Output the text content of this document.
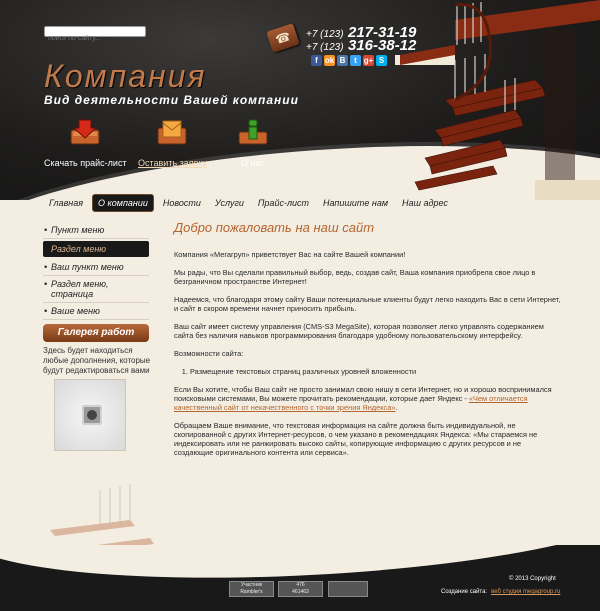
поиск по сайту...
☎	+7 (123) 217-31-19
+7 (123) 316-38-12
f ok B	t g+ S
Компания
Вид деятельности Вашей компании
Скачать прайс-лист Оставить заявку	О нас
Главная	О компании	Новости	Услуги	Прайс-лист	Напишите нам	Наш адрес
• Пункт меню
Раздел меню
• Ваш пункт меню
• Раздел меню, страница
• Ваше меню
Галерея работ
Здесь будет находиться любые дополнения, которые будут редактироваться вами
Добро пожаловать на наш сайт

Компания «Мегагруп» приветствует Вас на сайте Вашей компании!

Мы рады, что Вы сделали правильный выбор, ведь, создав сайт, Ваша компания приобрела свое лицо в безграничном пространстве Интернет!

Надеемся, что благодаря этому сайту Ваши потенциальные клиенты будут легко находить Вас в сети Интернет, и сайт в скором времени начнет приносить прибыль.

Ваш сайт имеет систему управления (CMS-S3 MegaSite), которая позволяет легко управлять содержанием сайта без наличия навыков программирования благодаря удобному пользовательскому интерфейсу.

Возможности сайта:

1. Размещение текстовых страниц различных уровней вложенности

Если Вы хотите, чтобы Ваш сайт не просто занимал свою нишу в сети Интернет, но и хорошо воспринимался поисковыми системами, Вы можете прочитать рекомендации, которые дает Яндекс - «Чем отличается качественный сайт от некачественного с точки зрения Яндекса».

Обращаем Ваше внимание, что текстовая информация на сайте должна быть индивидуальной, не скопированной с других Интернет-ресурсов, о чем указано в рекомендациях Яндекса: «Мы стараемся не индексировать или не ранжировать высоко сайты, копирующие информацию с других ресурсов и не создающие оригинального контента или сервиса».

Участник
Rambler's
476
461463
© 2013 Copyright
Создание сайта: веб студия megagroup.ru
